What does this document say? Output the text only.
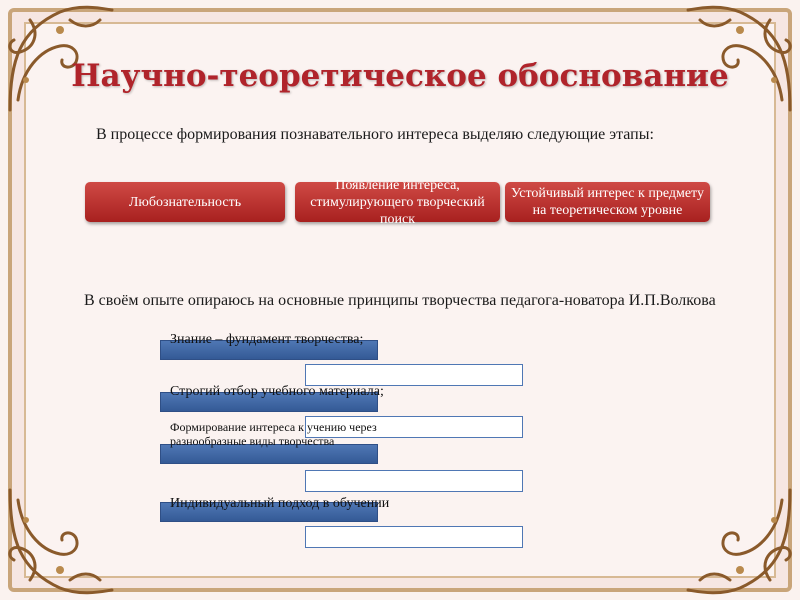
Научно-теоретическое обоснование
В процессе формирования познавательного интереса выделяю следующие этапы:
Любознательность
Появление интереса, стимулирующего творческий поиск
Устойчивый интерес к предмету на теоретическом уровне
В своём опыте опираюсь на основные принципы творчества педагога-новатора И.П.Волкова
Знание – фундамент творчества;
Строгий отбор учебного материала;
Формирование интереса к учению через разнообразные виды творчества
Индивидуальный подход в обучении
